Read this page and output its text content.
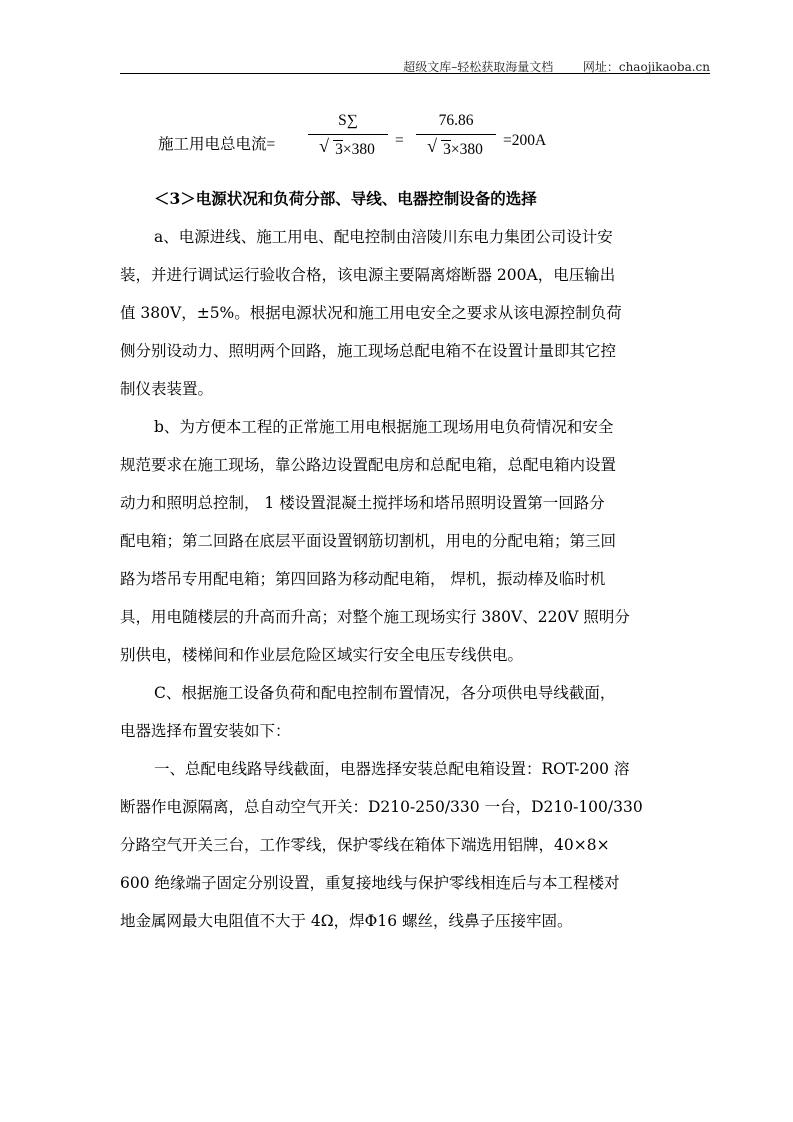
超级文库–轻松获取海量文档 网址：chaojikaoba.cn
施工用电总电流=
S∑
√ 3×380
=
76.86
√ 3×380
=200A
＜3＞电源状况和负荷分部、导线、电器控制设备的选择
a、电源进线、施工用电、配电控制由涪陵川东电力集团公司设计安
装，并进行调试运行验收合格，该电源主要隔离熔断器 200A，电压输出
值 380V，±5%。根据电源状况和施工用电安全之要求从该电源控制负荷
侧分别设动力、照明两个回路，施工现场总配电箱不在设置计量即其它控
制仪表装置。
b、为方便本工程的正常施工用电根据施工现场用电负荷情况和安全
规范要求在施工现场，靠公路边设置配电房和总配电箱，总配电箱内设置
动力和照明总控制， 1 楼设置混凝土搅拌场和塔吊照明设置第一回路分
配电箱；第二回路在底层平面设置钢筋切割机，用电的分配电箱；第三回
路为塔吊专用配电箱；第四回路为移动配电箱， 焊机，振动棒及临时机
具，用电随楼层的升高而升高；对整个施工现场实行 380V、220V 照明分
别供电，楼梯间和作业层危险区域实行安全电压专线供电。
C、根据施工设备负荷和配电控制布置情况，各分项供电导线截面，
电器选择布置安装如下：
一、总配电线路导线截面，电器选择安装总配电箱设置：ROT-200 溶
断器作电源隔离，总自动空气开关：D210-250/330 一台，D210-100/330
分路空气开关三台，工作零线，保护零线在箱体下端选用铝牌，40×8×
600 绝缘端子固定分别设置，重复接地线与保护零线相连后与本工程楼对
地金属网最大电阻值不大于 4Ω，焊Φ16 螺丝，线鼻子压接牢固。
